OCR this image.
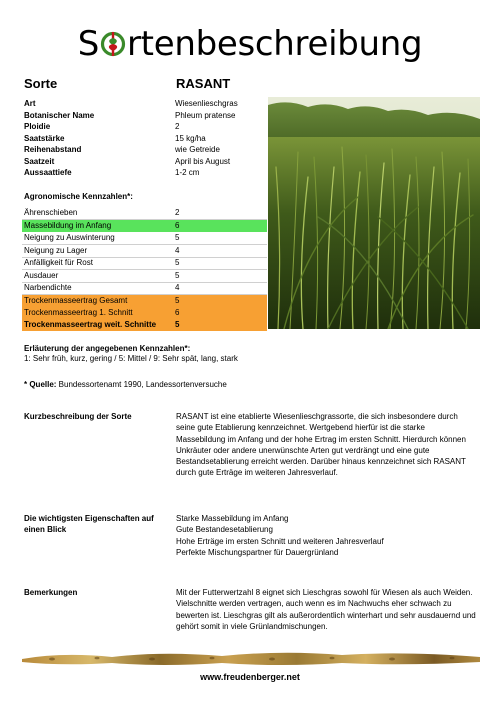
S rtenbeschreibung
Sorte	RASANT
Art	Wiesenlieschgras
Botanischer Name	Phleum pratense
Ploidie	2
Saatstärke	15 kg/ha
Reihenabstand	wie Getreide
Saatzeit	April bis August
Aussaattiefe	1-2 cm
Agronomische Kennzahlen*:
Ährenschieben	2
Massebildung im Anfang	6
Neigung zu Auswinterung	5
Neigung zu Lager	4
Anfälligkeit für Rost	5
Ausdauer	5
Narbendichte	4
Trockenmasseertrag Gesamt	5
Trockenmasseertrag 1. Schnitt	6
Trockenmasseertrag weit. Schnitte 5
Erläuterung der angegebenen Kennzahlen*:
1: Sehr früh, kurz, gering / 5: Mittel / 9: Sehr spät, lang, stark
* Quelle: Bundessortenamt 1990, Landessortenversuche
Kurzbeschreibung der Sorte	RASANT ist eine etablierte Wiesenlieschgrassorte, die sich insbesondere durch seine gute Etablierung kennzeichnet. Wertgebend hierfür ist die starke Massebildung im Anfang und der hohe Ertrag im ersten Schnitt. Hierdurch können Unkräuter oder andere unerwünschte Arten gut verdrängt und eine gute Bestandsetablierung erreicht werden. Darüber hinaus kennzeichnet sich RASANT durch gute Erträge im weiteren Jahresverlauf.
Die wichtigsten Eigenschaften auf einen Blick
Starke Massebildung im Anfang
Gute Bestandesetablierung
Hohe Erträge im ersten Schnitt und weiteren Jahresverlauf
Perfekte Mischungspartner für Dauergrünland
Bemerkungen	Mit der Futterwertzahl 8 eignet sich Lieschgras sowohl für Wiesen als auch Weiden. Vielschnitte werden vertragen, auch wenn es im Nachwuchs eher schwach zu bewerten ist. Lieschgras gilt als außerordentlich winterhart und sehr ausdauernd und gehört somit in viele Grünlandmischungen.
www.freudenberger.net
